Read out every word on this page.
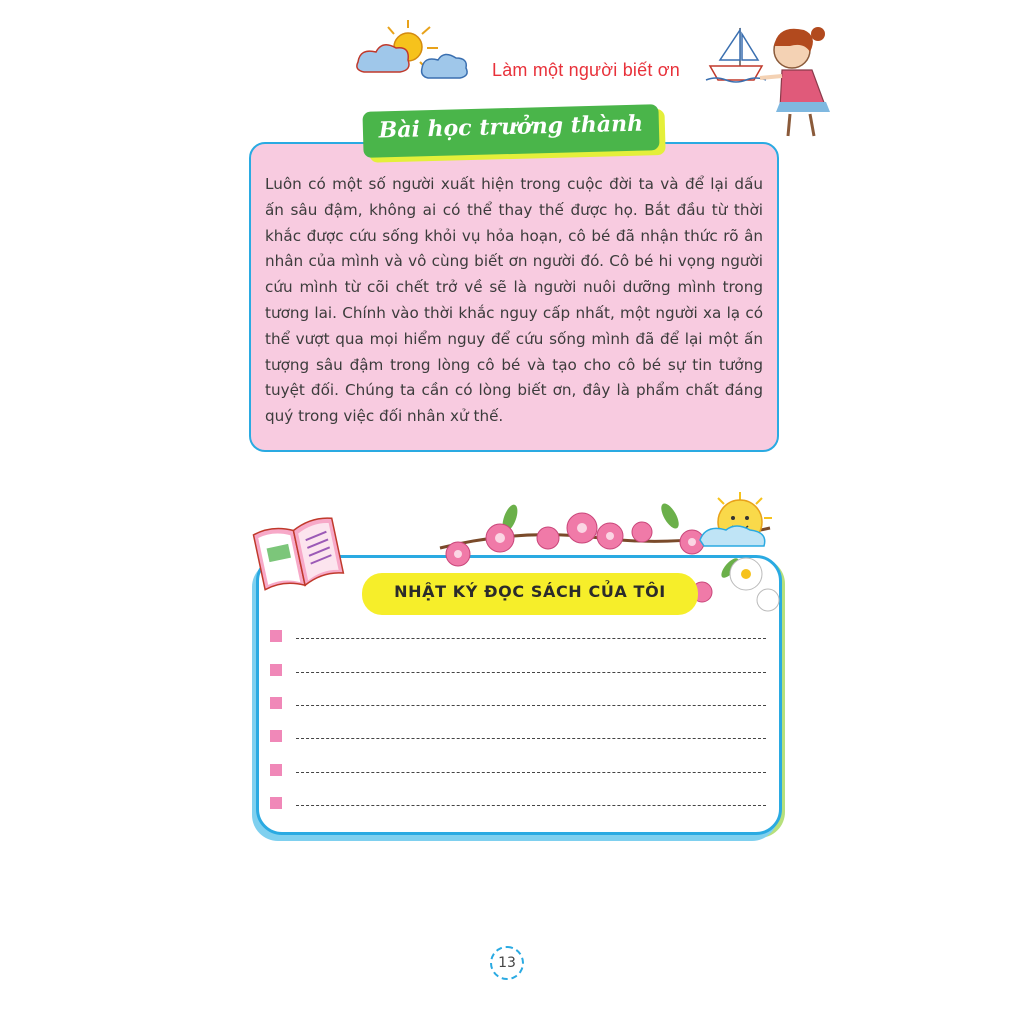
Làm một người biết ơn
Bài học trưởng thành
Luôn có một số người xuất hiện trong cuộc đời ta và để lại dấu ấn sâu đậm, không ai có thể thay thế được họ. Bắt đầu từ thời khắc được cứu sống khỏi vụ hỏa hoạn, cô bé đã nhận thức rõ ân nhân của mình và vô cùng biết ơn người đó. Cô bé hi vọng người cứu mình từ cõi chết trở về sẽ là người nuôi dưỡng mình trong tương lai. Chính vào thời khắc nguy cấp nhất, một người xa lạ có thể vượt qua mọi hiểm nguy để cứu sống mình đã để lại một ấn tượng sâu đậm trong lòng cô bé và tạo cho cô bé sự tin tưởng tuyệt đối. Chúng ta cần có lòng biết ơn, đây là phẩm chất đáng quý trong việc đối nhân xử thế.
NHẬT KÝ ĐỌC SÁCH CỦA TÔI
13
